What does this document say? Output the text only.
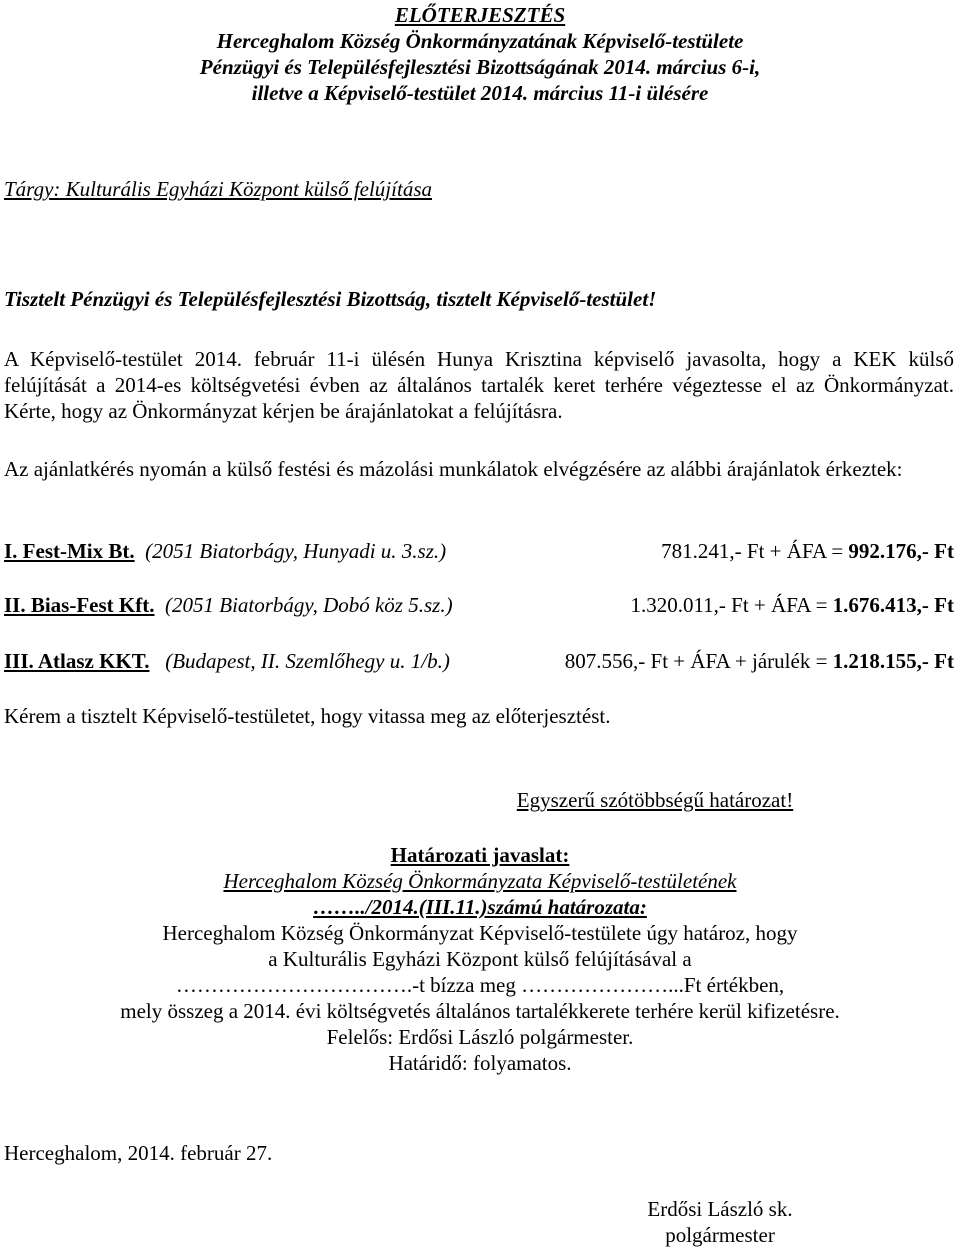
ELŐTERJESZTÉS
Herceghalom Község Önkormányzatának Képviselő-testülete
Pénzügyi és Településfejlesztési Bizottságának 2014. március 6-i,
illetve a Képviselő-testület 2014. március 11-i ülésére
Tárgy: Kulturális Egyházi Központ külső felújítása
Tisztelt Pénzügyi és Településfejlesztési Bizottság, tisztelt Képviselő-testület!
A Képviselő-testület 2014. február 11-i ülésén Hunya Krisztina képviselő javasolta, hogy a KEK külső felújítását a 2014-es költségvetési évben az általános tartalék keret terhére végeztesse el az Önkormányzat. Kérte, hogy az Önkormányzat kérjen be árajánlatokat a felújításra.
Az ajánlatkérés nyomán a külső festési és mázolási munkálatok elvégzésére az alábbi árajánlatok érkeztek:
I. Fest-Mix Bt. (2051 Biatorbágy, Hunyadi u. 3.sz.)	781.241,- Ft + ÁFA = 992.176,- Ft
II. Bias-Fest Kft. (2051 Biatorbágy, Dobó köz 5.sz.)	1.320.011,- Ft + ÁFA = 1.676.413,- Ft
III. Atlasz KKT. (Budapest, II. Szemlőhegy u. 1/b.)	807.556,- Ft + ÁFA + járulék = 1.218.155,- Ft
Kérem a tisztelt Képviselő-testületet, hogy vitassa meg az előterjesztést.
Egyszerű szótöbbségű határozat!
Határozati javaslat:
Herceghalom Község Önkormányzata Képviselő-testületének
……../2014.(III.11.)számú határozata:
Herceghalom Község Önkormányzat Képviselő-testülete úgy határoz, hogy
a Kulturális Egyházi Központ külső felújításával a
…………………………….-t bízza meg …………………...Ft értékben,
mely összeg a 2014. évi költségvetés általános tartalékkerete terhére kerül kifizetésre.
Felelős: Erdősi László polgármester.
Határidő: folyamatos.
Herceghalom, 2014. február 27.
Erdősi László sk.
polgármester
